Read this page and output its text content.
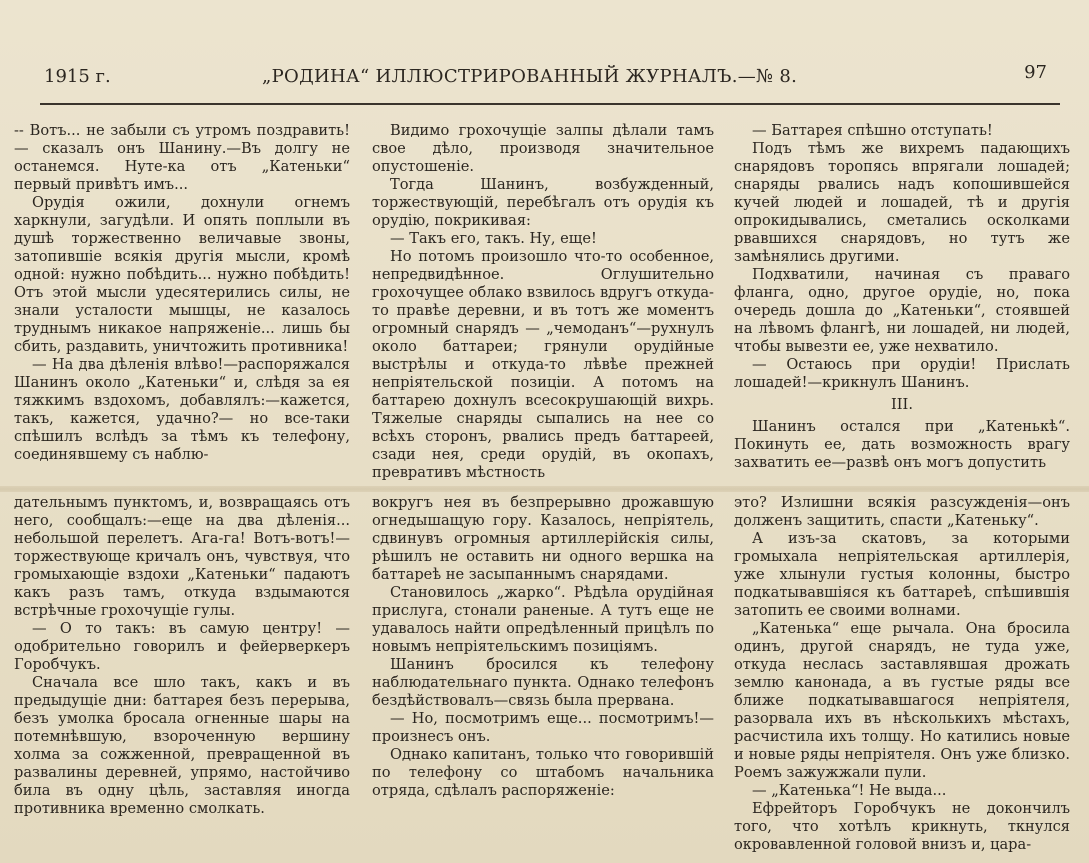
1915 г.	„РОДИНА“ ИЛЛЮСТРИРОВАННЫЙ ЖУРНАЛЪ.—№ 8.	97

-- Вотъ... не забыли съ утромъ поздравить! — сказалъ онъ Шанину.—Въ долгу не останемся. Нутe-ка отъ „Катеньки“ первый привѣтъ имъ...

Орудія ожили, дохнули огнемъ харкнули, загудѣли. И опять поплыли въ душѣ торжественно величавые звоны, затопившіе всякія другія мысли, кромѣ одной: нужно побѣдить... нужно побѣдить! Отъ этой мысли удесятерились силы, не знали усталости мышцы, не казалось труднымъ никакое напряженіе... лишь бы сбить, раздавить, уничтожить противника!

— На два дѣленія влѣво!—распоряжался Шанинъ около „Катеньки“ и, слѣдя за ея тяжкимъ вздохомъ, добавлялъ:—кажется, такъ, кажется, удачно?— но все-таки спѣшилъ вслѣдъ за тѣмъ къ телефону, соединявшему съ наблю-

Видимо грохочущіе залпы дѣлали тамъ свое дѣло, производя значительное опустошеніе.

Тогда Шанинъ, возбужденный, торжествующій, перебѣгалъ отъ орудія къ орудію, покрикивая:

— Такъ его, такъ. Ну, еще!

Но потомъ произошло что-то особенное, непредвидѣнное. Оглушительно грохочущее облако взвилось вдругъ откуда-то правѣе деревни, и въ тотъ же моментъ огромный снарядъ — „чемоданъ“—рухнулъ около баттареи; грянули орудійные выстрѣлы и откуда-то лѣвѣе прежней непріятельской позиціи. А потомъ на баттарею дохнулъ всесокрушающій вихрь. Тяжелые снаряды сыпались на нее со всѣхъ сторонъ, рвались предъ баттареей, сзади нея, среди орудій, въ окопахъ, превративъ мѣстность

— Баттарея спѣшно отступать!

Подъ тѣмъ же вихремъ падающихъ снарядовъ торопясь впрягали лошадей; снаряды рвались надъ копошившейся кучей людей и лошадей, тѣ и другія опрокидывались, сметались осколками рвавшихся снарядовъ, но тутъ же замѣнялись другими.

Подхватили, начиная съ праваго фланга, одно, другое орудіе, но, пока очередь дошла до „Катеньки“, стоявшей на лѣвомъ флангѣ, ни лошадей, ни людей, чтобы вывезти ее, уже нехватило.

— Остаюсь при орудіи! Прислать лошадей!—крикнулъ Шанинъ.

III.

Шанинъ остался при „Катенькѣ“. Покинуть ее, дать возможность врагу захватить ее—развѣ онъ могъ допустить

дательнымъ пунктомъ, и, возвращаясь отъ него, сообщалъ:—еще на два дѣленія... небольшой перелетъ. Ага-га! Вотъ-вотъ!—торжествующе кричалъ онъ, чувствуя, что громыхающіе вздохи „Катеньки“ падаютъ какъ разъ тамъ, откуда вздымаются встрѣчные грохочущіе гулы.

— О то такъ: въ самую центру! — одобрительно говорилъ и фейерверкеръ Горобчукъ.

Сначала все шло такъ, какъ и въ предыдущіе дни: баттарея безъ перерыва, безъ умолка бросала огненные шары на потемнѣвшую, взороченную вершину холма за сожженной, превращенной въ развалины деревней, упрямо, настойчиво била въ одну цѣль, заставляя иногда противника временно смолкать.

вокругъ нея въ безпрерывно дрожавшую огнедышащую гору. Казалось, непріятель, сдвинувъ огромныя артиллерійскія силы, рѣшилъ не оставить ни одного вершка на баттареѣ не засыпаннымъ снарядами.

Становилось „жарко“. Рѣдѣла орудійная прислуга, стонали раненые. А тутъ еще не удавалось найти опредѣленный прицѣлъ по новымъ непріятельскимъ позиціямъ.

Шанинъ бросился къ телефону наблюдательнаго пункта. Однако телефонъ бездѣйствовалъ—связь была прервана.

— Но, посмотримъ еще... посмотримъ!—произнесъ онъ.

Однако капитанъ, только что говорившій по телефону со штабомъ начальника отряда, сдѣлалъ распоряженіе:

это? Излишни всякія разсужденія—онъ долженъ защитить, спасти „Катеньку“.

А изъ-за скатовъ, за которыми громыхала непріятельская артиллерія, уже хлынули густыя колонны, быстро подкатывавшіяся къ баттареѣ, спѣшившія затопить ее своими волнами.

„Катенька“ еще рычала. Она бросила одинъ, другой снарядъ, не туда уже, откуда неслась заставлявшая дрожать землю канонада, а въ густые ряды все ближе подкатывавшагося непріятеля, разорвала ихъ въ нѣсколькихъ мѣстахъ, расчистила ихъ толщу. Но катились новые и новые ряды непріятеля. Онъ уже близко. Роемъ зажужжали пули.

— „Катенька“! Не выда...

Ефрейторъ Горобчукъ не докончилъ того, что хотѣлъ крикнуть, ткнулся окровавленной головой внизъ и, цара-
